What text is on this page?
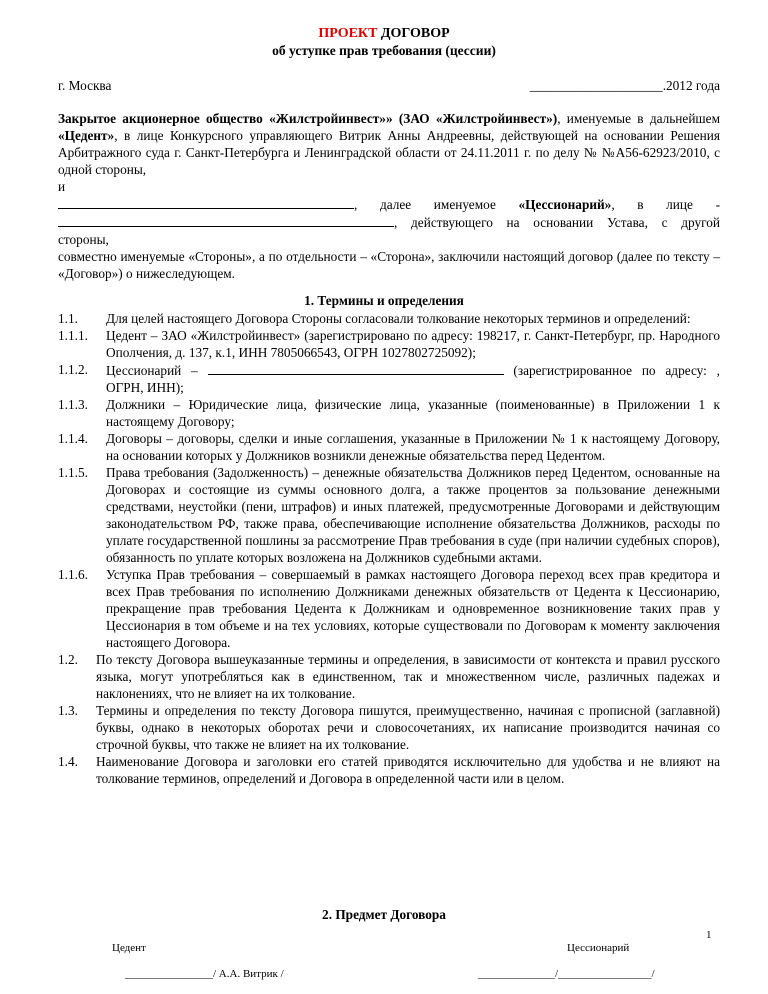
ПРОЕКТ ДОГОВОР
об уступке прав требования (цессии)
г. Москва	____________________.2012 года

Закрытое акционерное общество «Жилстройинвест»» (ЗАО «Жилстройинвест»), именуемые в дальнейшем «Цедент», в лице Конкурсного управляющего Витрик Анны Андреевны, действующей на основании Решения Арбитражного суда г. Санкт-Петербурга и Ленинградской области от 24.11.2011 г. по делу № №А56-62923/2010, с одной стороны,

и

, далее именуемое «Цессионарий», в лице -

, действующего на основании Устава, с другой

стороны,

совместно именуемые «Стороны», а по отдельности – «Сторона», заключили настоящий договор (далее по тексту – «Договор») о нижеследующем.

1. Термины и определения
1.1. Для целей настоящего Договора Стороны согласовали толкование некоторых терминов и определений:
1.1.1. Цедент – ЗАО «Жилстройинвест» (зарегистрировано по адресу: 198217, г. Санкт-Петербург, пр. Народного Ополчения, д. 137, к.1, ИНН 7805066543, ОГРН 1027802725092);
1.1.2. Цессионарий –	(зарегистрированное по адресу: , ОГРН, ИНН);
1.1.3. Должники – Юридические лица, физические лица, указанные (поименованные) в Приложении 1 к настоящему Договору;
1.1.4. Договоры – договоры, сделки и иные соглашения, указанные в Приложении № 1 к настоящему Договору, на основании которых у Должников возникли денежные обязательства перед Цедентом.
1.1.5. Права требования (Задолженность) – денежные обязательства Должников перед Цедентом, основанные на Договорах и состоящие из суммы основного долга, а также процентов за пользование денежными средствами, неустойки (пени, штрафов) и иных платежей, предусмотренные Договорами и действующим законодательством РФ, также права, обеспечивающие исполнение обязательства Должников, расходы по уплате государственной пошлины за рассмотрение Прав требования в суде (при наличии судебных споров), обязанность по уплате которых возложена на Должников судебными актами.
1.1.6. Уступка Прав требования – совершаемый в рамках настоящего Договора переход всех прав кредитора и всех Прав требования по исполнению Должниками денежных обязательств от Цедента к Цессионарию, прекращение прав требования Цедента к Должникам и одновременное возникновение таких прав у Цессионария в том объеме и на тех условиях, которые существовали по Договорам к моменту заключения настоящего Договора.
1.2. По тексту Договора вышеуказанные термины и определения, в зависимости от контекста и правил русского языка, могут употребляться как в единственном, так и множественном числе, различных падежах и наклонениях, что не влияет на их толкование.
1.3. Термины и определения по тексту Договора пишутся, преимущественно, начиная с прописной (заглавной) буквы, однако в некоторых оборотах речи и словосочетаниях, их написание производится начиная со строчной буквы, что также не влияет на их толкование.
1.4. Наименование Договора и заголовки его статей приводятся исключительно для удобства и не влияют на толкование терминов, определений и Договора в определенной части или в целом.
2. Предмет Договора
1
Цедент	Цессионарий
________________/ А.А. Витрик /	______________/_________________/
